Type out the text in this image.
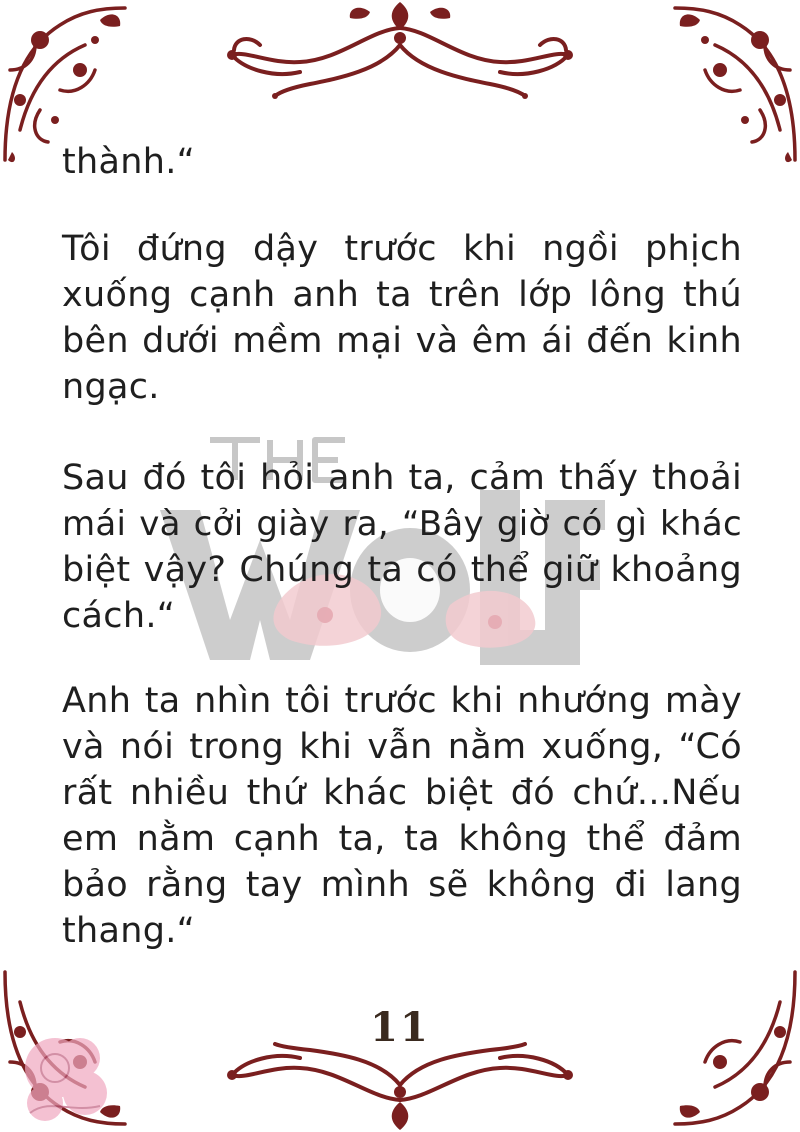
thành.“
Tôi đứng dậy trước khi ngồi phịch
xuống cạnh anh ta trên lớp lông thú
bên dưới mềm mại và êm ái đến kinh
ngạc.
Sau đó tôi hỏi anh ta, cảm thấy thoải
mái và cởi giày ra, “Bây giờ có gì khác
biệt vậy? Chúng ta có thể giữ khoảng
cách.“
Anh ta nhìn tôi trước khi nhướng mày
và nói trong khi vẫn nằm xuống, “Có
rất nhiều thứ khác biệt đó chứ...Nếu
em nằm cạnh ta, ta không thể đảm
bảo rằng tay mình sẽ không đi lang
thang.“
11
